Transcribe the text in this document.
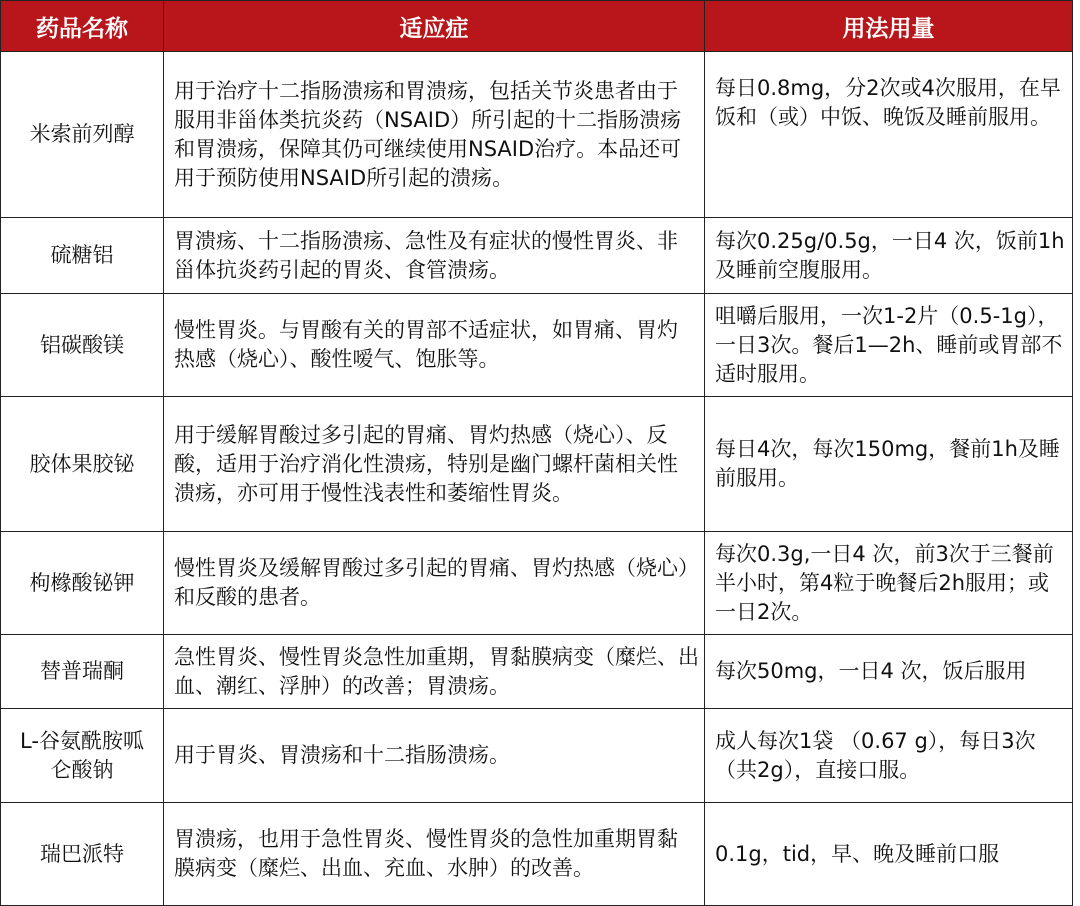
药品名称	适应症	用法用量
米索前列醇	用于治疗十二指肠溃疡和胃溃疡，包括关节炎患者由于服用非甾体类抗炎药（NSAID）所引起的十二指肠溃疡和胃溃疡，保障其仍可继续使用NSAID治疗。本品还可用于预防使用NSAID所引起的溃疡。	每日0.8mg，分2次或4次服用，在早饭和（或）中饭、晚饭及睡前服用。
硫糖铝	胃溃疡、十二指肠溃疡、急性及有症状的慢性胃炎、非甾体抗炎药引起的胃炎、食管溃疡。	每次0.25g/0.5g，一日4 次，饭前1h及睡前空腹服用。
铝碳酸镁	慢性胃炎。与胃酸有关的胃部不适症状，如胃痛、胃灼热感（烧心）、酸性嗳气、饱胀等。	咀嚼后服用，一次1-2片（0.5-1g），一日3次。餐后1—2h、睡前或胃部不适时服用。
胶体果胶铋	用于缓解胃酸过多引起的胃痛、胃灼热感（烧心）、反酸，适用于治疗消化性溃疡，特别是幽门螺杆菌相关性溃疡，亦可用于慢性浅表性和萎缩性胃炎。	每日4次，每次150mg，餐前1h及睡前服用。
枸橼酸铋钾	慢性胃炎及缓解胃酸过多引起的胃痛、胃灼热感（烧心）和反酸的患者。	每次0.3g,一日4 次，前3次于三餐前半小时，第4粒于晚餐后2h服用；或一日2次。
替普瑞酮	急性胃炎、慢性胃炎急性加重期，胃黏膜病变（糜烂、出血、潮红、浮肿）的改善；胃溃疡。	每次50mg，一日4 次，饭后服用
L-谷氨酰胺呱仑酸钠	用于胃炎、胃溃疡和十二指肠溃疡。	成人每次1袋 （0.67 g），每日3次（共2g），直接口服。
瑞巴派特	胃溃疡，也用于急性胃炎、慢性胃炎的急性加重期胃黏膜病变（糜烂、出血、充血、水肿）的改善。	0.1g，tid，早、晚及睡前口服
